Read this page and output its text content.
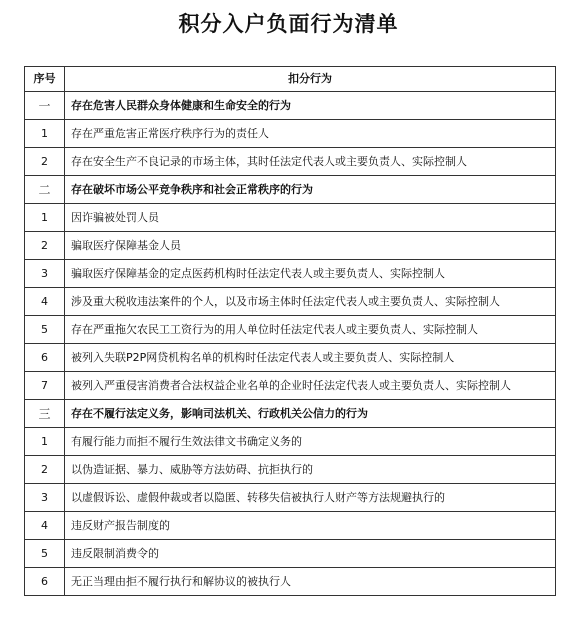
积分入户负面行为清单
序号	扣分行为
一	存在危害人民群众身体健康和生命安全的行为
1	存在严重危害正常医疗秩序行为的责任人
2	存在安全生产不良记录的市场主体，其时任法定代表人或主要负责人、实际控制人
二	存在破坏市场公平竞争秩序和社会正常秩序的行为
1	因诈骗被处罚人员
2	骗取医疗保障基金人员
3	骗取医疗保障基金的定点医药机构时任法定代表人或主要负责人、实际控制人
4	涉及重大税收违法案件的个人，以及市场主体时任法定代表人或主要负责人、实际控制人
5	存在严重拖欠农民工工资行为的用人单位时任法定代表人或主要负责人、实际控制人
6	被列入失联P2P网贷机构名单的机构时任法定代表人或主要负责人、实际控制人
7	被列入严重侵害消费者合法权益企业名单的企业时任法定代表人或主要负责人、实际控制人
三	存在不履行法定义务，影响司法机关、行政机关公信力的行为
1	有履行能力而拒不履行生效法律文书确定义务的
2	以伪造证据、暴力、威胁等方法妨碍、抗拒执行的
3	以虚假诉讼、虚假仲裁或者以隐匿、转移失信被执行人财产等方法规避执行的
4	违反财产报告制度的
5	违反限制消费令的
6	无正当理由拒不履行执行和解协议的被执行人
